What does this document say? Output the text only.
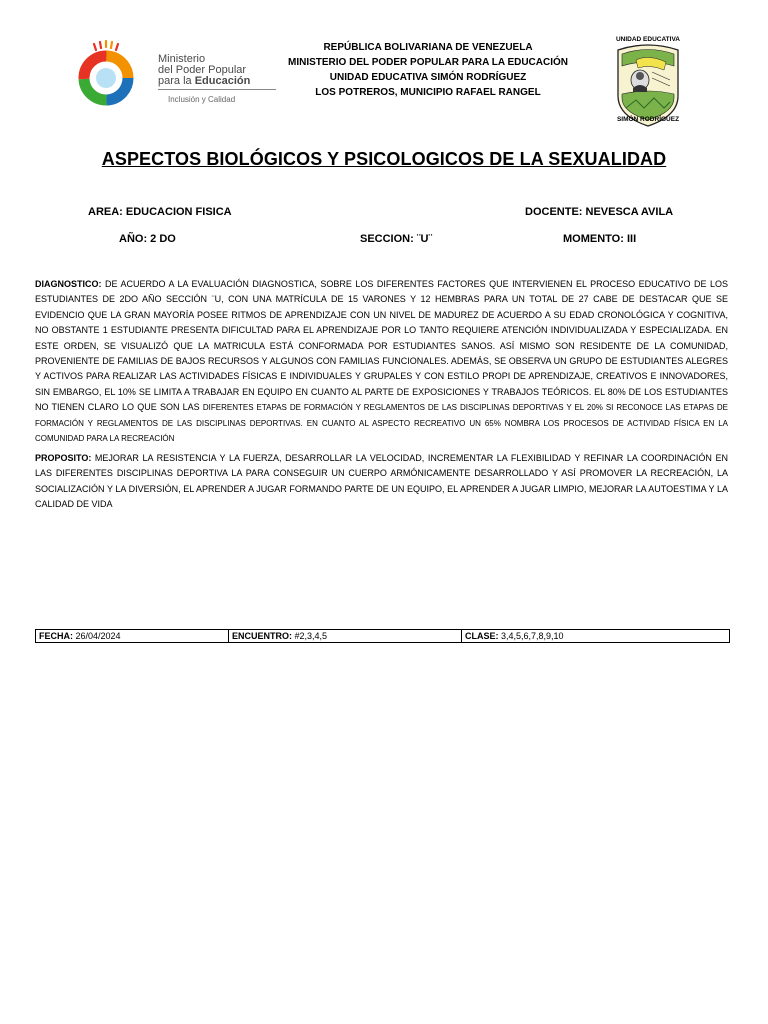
Ministerio
del Poder Popular
para la Educación
Inclusión y Calidad
REPÚBLICA BOLIVARIANA DE VENEZUELA
MINISTERIO DEL PODER POPULAR PARA LA EDUCACIÓN
UNIDAD EDUCATIVA SIMÓN RODRÍGUEZ
LOS POTREROS, MUNICIPIO RAFAEL RANGEL
UNIDAD EDUCATIVA
SIMÓN RODRÍGUEZ
ASPECTOS BIOLÓGICOS Y PSICOLOGICOS DE LA SEXUALIDAD
AREA: EDUCACION FISICA	DOCENTE: NEVESCA AVILA
AÑO: 2 DO	SECCION: ¨U¨	MOMENTO: III
DIAGNOSTICO: DE ACUERDO A LA EVALUACIÓN DIAGNOSTICA, SOBRE LOS DIFERENTES FACTORES QUE INTERVIENEN EL PROCESO EDUCATIVO DE LOS ESTUDIANTES DE 2DO AÑO SECCIÓN ¨U, CON UNA MATRÍCULA DE 15 VARONES Y 12 HEMBRAS PARA UN TOTAL DE 27 CABE DE DESTACAR QUE SE EVIDENCIO QUE LA GRAN MAYORÍA POSEE RITMOS DE APRENDIZAJE CON UN NIVEL DE MADUREZ DE ACUERDO A SU EDAD CRONOLÓGICA Y COGNITIVA, NO OBSTANTE 1 ESTUDIANTE PRESENTA DIFICULTAD PARA EL APRENDIZAJE POR LO TANTO REQUIERE ATENCIÓN INDIVIDUALIZADA Y ESPECIALIZADA. EN ESTE ORDEN, SE VISUALIZÓ QUE LA MATRICULA ESTÁ CONFORMADA POR ESTUDIANTES SANOS. ASÍ MISMO SON RESIDENTE DE LA COMUNIDAD, PROVENIENTE DE FAMILIAS DE BAJOS RECURSOS Y ALGUNOS CON FAMILIAS FUNCIONALES. ADEMÁS, SE OBSERVA UN GRUPO DE ESTUDIANTES ALEGRES Y ACTIVOS PARA REALIZAR LAS ACTIVIDADES FÍSICAS E INDIVIDUALES Y GRUPALES Y CON ESTILO PROPI DE APRENDIZAJE, CREATIVOS E INNOVADORES, SIN EMBARGO, EL 10% SE LIMITA A TRABAJAR EN EQUIPO EN CUANTO AL PARTE DE EXPOSICIONES Y TRABAJOS TEÓRICOS. EL 80% DE LOS ESTUDIANTES NO TIENEN CLARO LO QUE SON LAS DIFERENTES ETAPAS DE FORMACIÓN Y REGLAMENTOS DE LAS DISCIPLINAS DEPORTIVAS Y EL 20% SI RECONOCE LAS ETAPAS DE FORMACIÓN Y REGLAMENTOS DE LAS DISCIPLINAS DEPORTIVAS. EN CUANTO AL ASPECTO RECREATIVO UN 65% NOMBRA LOS PROCESOS DE ACTIVIDAD FÍSICA EN LA COMUNIDAD PARA LA RECREACIÓN
PROPOSITO: MEJORAR LA RESISTENCIA Y LA FUERZA, DESARROLLAR LA VELOCIDAD, INCREMENTAR LA FLEXIBILIDAD Y REFINAR LA COORDINACIÓN EN LAS DIFERENTES DISCIPLINAS DEPORTIVA LA PARA CONSEGUIR UN CUERPO ARMÓNICAMENTE DESARROLLADO Y ASÍ PROMOVER LA RECREACIÓN, LA SOCIALIZACIÓN Y LA DIVERSIÓN, EL APRENDER A JUGAR FORMANDO PARTE DE UN EQUIPO, EL APRENDER A JUGAR LIMPIO, MEJORAR LA AUTOESTIMA Y LA CALIDAD DE VIDA
FECHA: 26/04/2024	ENCUENTRO: #2,3,4,5	CLASE: 3,4,5,6,7,8,9,10
